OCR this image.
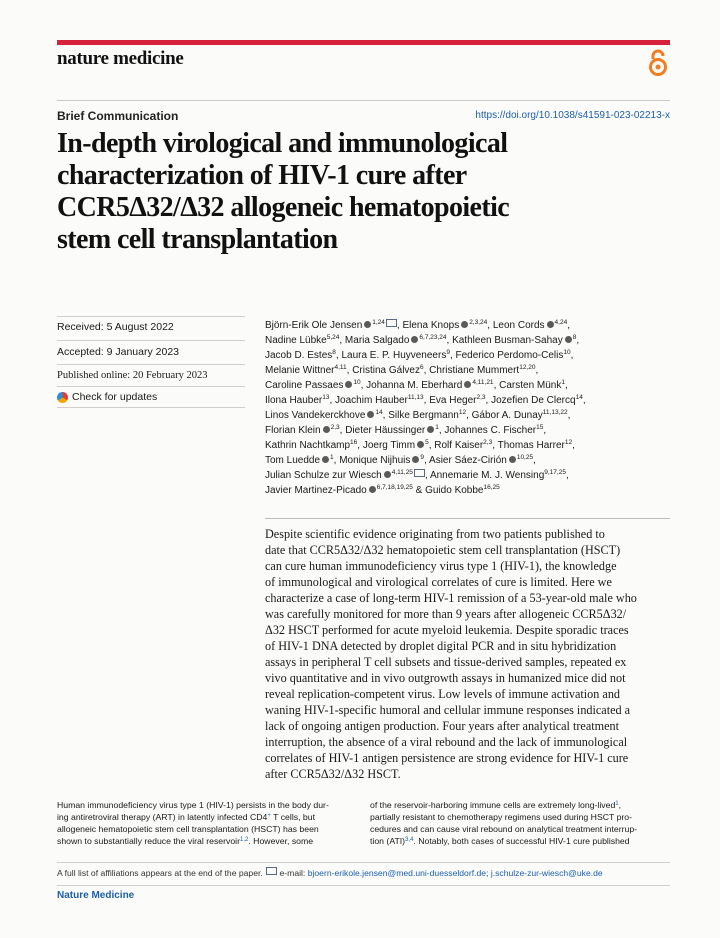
nature medicine
Brief Communication	https://doi.org/10.1038/s41591-023-02213-x
In-depth virological and immunological
characterization of HIV-1 cure after
CCR5Δ32/Δ32 allogeneic hematopoietic
stem cell transplantation
Received: 5 August 2022
Accepted: 9 January 2023
Published online: 20 February 2023
Check for updates
Björn-Erik Ole Jensen $^{1,24}$ , Elena Knops $^{2,3,24}$, Leon Cords $^{4,24}$,
Nadine Lübke$^{5,24}$, Maria Salgado $^{6,7,23,24}$, Kathleen Busman-Sahay $^8$,
Jacob D. Estes$^8$, Laura E. P. Huyveneers$^9$, Federico Perdomo-Celis$^{10}$,
Melanie Wittner$^{4,11}$, Cristina Gálvez$^6$, Christiane Mummert$^{12,20}$,
Caroline Passaes $^{10}$, Johanna M. Eberhard $^{4,11,21}$, Carsten Münk$^1$,
Ilona Hauber$^{13}$, Joachim Hauber$^{11,13}$, Eva Heger$^{2,3}$, Jozefien De Clercq$^{14}$,
Linos Vandekerckhove $^{14}$, Silke Bergmann$^{12}$, Gábor A. Dunay$^{11,13,22}$,
Florian Klein $^{2,3}$, Dieter Häussinger $^1$, Johannes C. Fischer$^{15}$,
Kathrin Nachtkamp$^{16}$, Joerg Timm $^5$, Rolf Kaiser$^{2,3}$, Thomas Harrer$^{12}$,
Tom Luedde $^1$, Monique Nijhuis $^9$, Asier Sáez-Cirión $^{10,25}$,
Julian Schulze zur Wiesch $^{4,11,25}$ , Annemarie M. J. Wensing$^{9,17,25}$,
Javier Martinez-Picado $^{6,7,18,19,25}$ & Guido Kobbe$^{16,25}$
Despite scientific evidence originating from two patients published to
date that CCR5Δ32/Δ32 hematopoietic stem cell transplantation (HSCT)
can cure human immunodeficiency virus type 1 (HIV-1), the knowledge
of immunological and virological correlates of cure is limited. Here we
characterize a case of long-term HIV-1 remission of a 53-year-old male who
was carefully monitored for more than 9 years after allogeneic CCR5Δ32/
Δ32 HSCT performed for acute myeloid leukemia. Despite sporadic traces
of HIV-1 DNA detected by droplet digital PCR and in situ hybridization
assays in peripheral T cell subsets and tissue-derived samples, repeated ex
vivo quantitative and in vivo outgrowth assays in humanized mice did not
reveal replication-competent virus. Low levels of immune activation and
waning HIV-1-specific humoral and cellular immune responses indicated a
lack of ongoing antigen production. Four years after analytical treatment
interruption, the absence of a viral rebound and the lack of immunological
correlates of HIV-1 antigen persistence are strong evidence for HIV-1 cure
after CCR5Δ32/Δ32 HSCT.
Human immunodeficiency virus type 1 (HIV-1) persists in the body dur-
ing antiretroviral therapy (ART) in latently infected CD4+ T cells, but
allogeneic hematopoietic stem cell transplantation (HSCT) has been
shown to substantially reduce the viral reservoir$^{1,2}$. However, some
of the reservoir-harboring immune cells are extremely long-lived$^1$,
partially resistant to chemotherapy regimens used during HSCT pro-
cedures and can cause viral rebound on analytical treatment interrup-
tion (ATI)$^{3,4}$. Notably, both cases of successful HIV-1 cure published
A full list of affiliations appears at the end of the paper. e-mail: bjoern-erikole.jensen@med.uni-duesseldorf.de; j.schulze-zur-wiesch@uke.de
Nature Medicine
